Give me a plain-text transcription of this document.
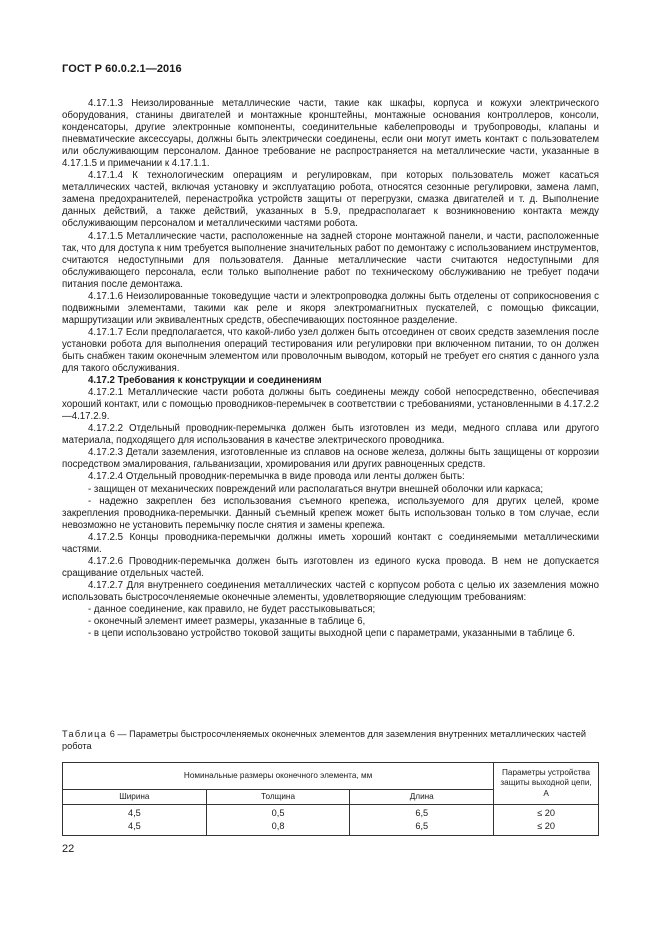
ГОСТ Р 60.0.2.1—2016

4.17.1.3 Неизолированные металлические части, такие как шкафы, корпуса и кожухи электрического оборудования, станины двигателей и монтажные кронштейны, монтажные основания контроллеров, консоли, конденсаторы, другие электронные компоненты, соединительные кабелепроводы и трубопроводы, клапаны и пневматические аксессуары, должны быть электрически соединены, если они могут иметь контакт с пользователем или обслуживающим персоналом. Данное требование не распространяется на металлические части, указанные в 4.17.1.5 и примечании к 4.17.1.1.

4.17.1.4 К технологическим операциям и регулировкам, при которых пользователь может касаться металлических частей, включая установку и эксплуатацию робота, относятся сезонные регулировки, замена ламп, замена предохранителей, перенастройка устройств защиты от перегрузки, смазка двигателей и т. д. Выполнение данных действий, а также действий, указанных в 5.9, предрасполагает к возникновению контакта между обслуживающим персоналом и металлическими частями робота.

4.17.1.5 Металлические части, расположенные на задней стороне монтажной панели, и части, расположенные так, что для доступа к ним требуется выполнение значительных работ по демонтажу с использованием инструментов, считаются недоступными для пользователя. Данные металлические части считаются недоступными для обслуживающего персонала, если только выполнение работ по техническому обслуживанию не требует подачи питания после демонтажа.

4.17.1.6 Неизолированные токоведущие части и электропроводка должны быть отделены от соприкосновения с подвижными элементами, такими как реле и якоря электромагнитных пускателей, с помощью фиксации, маршрутизации или эквивалентных средств, обеспечивающих постоянное разделение.

4.17.1.7 Если предполагается, что какой-либо узел должен быть отсоединен от своих средств заземления после установки робота для выполнения операций тестирования или регулировки при включенном питании, то он должен быть снабжен таким оконечным элементом или проволочным выводом, который не требует его снятия с данного узла для такого обслуживания.

4.17.2 Требования к конструкции и соединениям

4.17.2.1 Металлические части робота должны быть соединены между собой непосредственно, обеспечивая хороший контакт, или с помощью проводников-перемычек в соответствии с требованиями, установленными в 4.17.2.2—4.17.2.9.

4.17.2.2 Отдельный проводник-перемычка должен быть изготовлен из меди, медного сплава или другого материала, подходящего для использования в качестве электрического проводника.

4.17.2.3 Детали заземления, изготовленные из сплавов на основе железа, должны быть защищены от коррозии посредством эмалирования, гальванизации, хромирования или других равноценных средств.

4.17.2.4 Отдельный проводник-перемычка в виде провода или ленты должен быть:

- защищен от механических повреждений или располагаться внутри внешней оболочки или каркаса;

- надежно закреплен без использования съемного крепежа, используемого для других целей, кроме закрепления проводника-перемычки. Данный съемный крепеж может быть использован только в том случае, если невозможно не установить перемычку после снятия и замены крепежа.

4.17.2.5 Концы проводника-перемычки должны иметь хороший контакт с соединяемыми металлическими частями.

4.17.2.6 Проводник-перемычка должен быть изготовлен из единого куска провода. В нем не допускается сращивание отдельных частей.

4.17.2.7 Для внутреннего соединения металлических частей с корпусом робота с целью их заземления можно использовать быстросочленяемые оконечные элементы, удовлетворяющие следующим требованиям:

- данное соединение, как правило, не будет расстыковываться;

- оконечный элемент имеет размеры, указанные в таблице 6,

- в цепи использовано устройство токовой защиты выходной цепи с параметрами, указанными в таблице 6.

Таблица 6 — Параметры быстросочленяемых оконечных элементов для заземления внутренних металлических частей робота
Номинальные размеры оконечного элемента, мм			Параметры устройства защиты выходной цепи, А
Ширина	Толщина	Длина	
4,5	0,5	6,5	≤ 20
4,5	0,8	6,5	≤ 20
22
